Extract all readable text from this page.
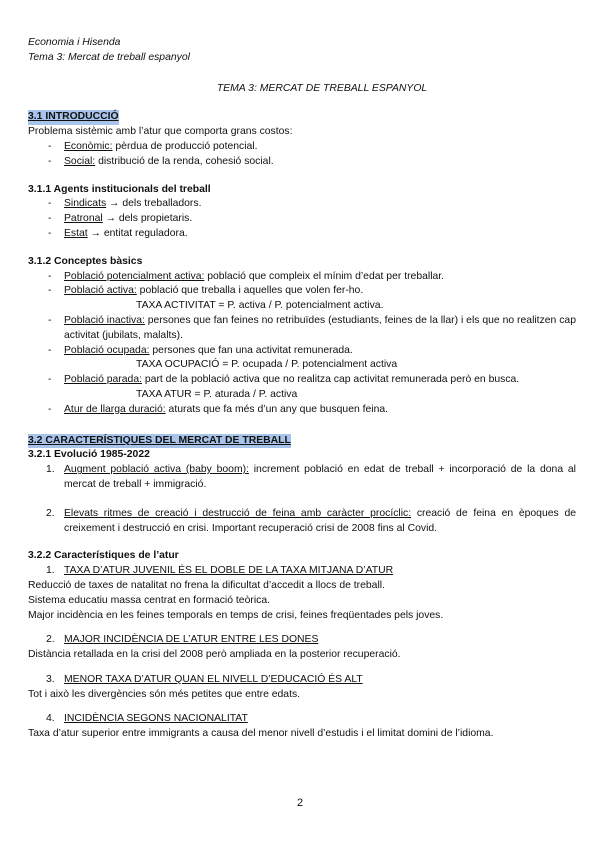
Economia i Hisenda
Tema 3: Mercat de treball espanyol
TEMA 3: MERCAT DE TREBALL ESPANYOL
3.1 INTRODUCCIÓ
Problema sistèmic amb l’atur que comporta grans costos:
- Econòmic: pèrdua de producció potencial.
- Social: distribució de la renda, cohesió social.
3.1.1 Agents institucionals del treball
- Sindicats → dels treballadors.
- Patronal → dels propietaris.
- Estat → entitat reguladora.
3.1.2 Conceptes bàsics
- Població potencialment activa: població que compleix el mínim d’edat per treballar.
- Població activa: població que treballa i aquelles que volen fer-ho.
TAXA ACTIVITAT = P. activa / P. potencialment activa.
- Població inactiva: persones que fan feines no retribuïdes (estudiants, feines de la llar) i els que no realitzen cap activitat (jubilats, malalts).
- Població ocupada: persones que fan una activitat remunerada.
TAXA OCUPACIÓ = P. ocupada / P. potencialment activa
- Població parada: part de la població activa que no realitza cap activitat remunerada però en busca.
TAXA ATUR = P. aturada / P. activa
- Atur de llarga duració: aturats que fa més d’un any que busquen feina.
3.2 CARACTERÍSTIQUES DEL MERCAT DE TREBALL
3.2.1 Evolució 1985-2022
1. Augment població activa (baby boom): increment població en edat de treball + incorporació de la dona al mercat de treball + immigració.
2. Elevats ritmes de creació i destrucció de feina amb caràcter procíclic: creació de feina en èpoques de creixement i destrucció en crisi. Important recuperació crisi de 2008 fins al Covid.
3.2.2 Característiques de l’atur
1. TAXA D’ATUR JUVENIL ÉS EL DOBLE DE LA TAXA MITJANA D’ATUR
Reducció de taxes de natalitat no frena la dificultat d’accedit a llocs de treball.
Sistema educatiu massa centrat en formació teòrica.
Major incidència en les feines temporals en temps de crisi, feines freqüentades pels joves.
2. MAJOR INCIDÈNCIA DE L’ATUR ENTRE LES DONES
Distància retallada en la crisi del 2008 però ampliada en la posterior recuperació.
3. MENOR TAXA D’ATUR QUAN EL NIVELL D’EDUCACIÓ ÉS ALT
Tot i això les divergències són més petites que entre edats.
4. INCIDÈNCIA SEGONS NACIONALITAT
Taxa d’atur superior entre immigrants a causa del menor nivell d’estudis i el limitat domini de l’idioma.
2
